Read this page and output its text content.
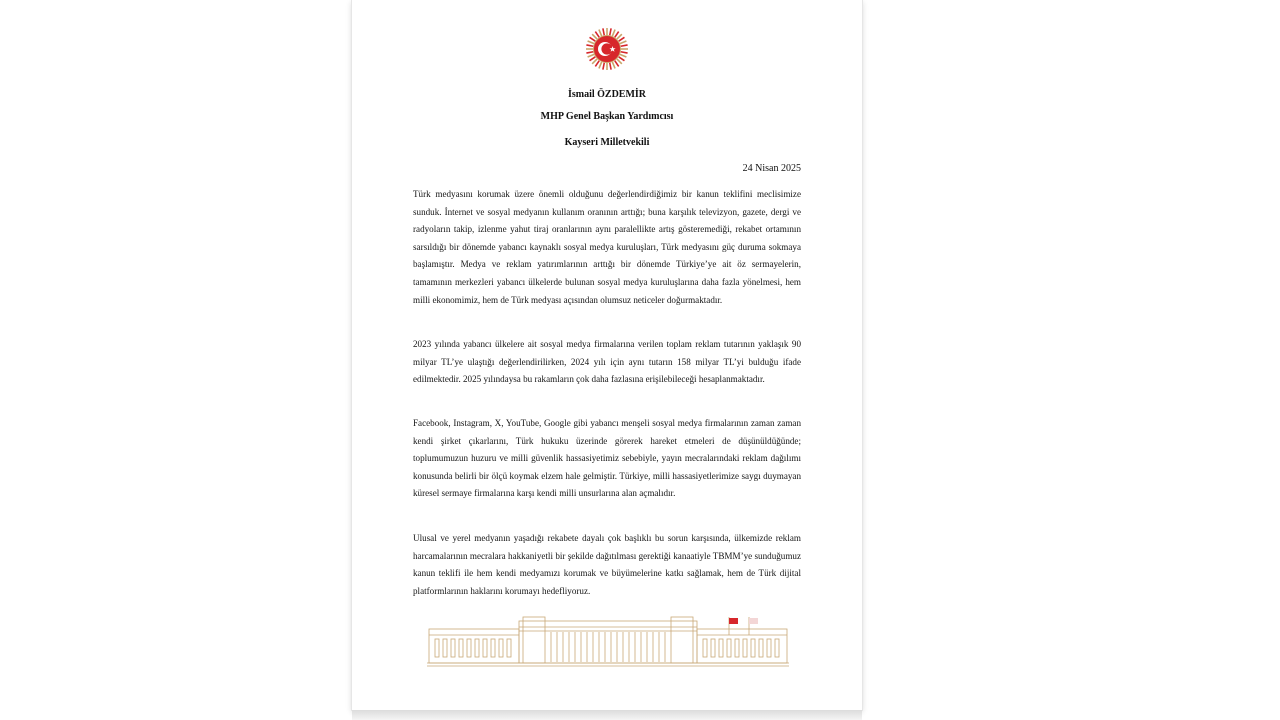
İsmail ÖZDEMİR
MHP Genel Başkan Yardımcısı
Kayseri Milletvekili
24 Nisan 2025

Türk medyasını korumak üzere önemli olduğunu değerlendirdiğimiz bir kanun teklifini meclisimize sunduk. İnternet ve sosyal medyanın kullanım oranının arttığı; buna karşılık televizyon, gazete, dergi ve radyoların takip, izlenme yahut tiraj oranlarının aynı paralellikte artış gösteremediği, rekabet ortamının sarsıldığı bir dönemde yabancı kaynaklı sosyal medya kuruluşları, Türk medyasını güç duruma sokmaya başlamıştır. Medya ve reklam yatırımlarının arttığı bir dönemde Türkiye’ye ait öz sermayelerin, tamamının merkezleri yabancı ülkelerde bulunan sosyal medya kuruluşlarına daha fazla yönelmesi, hem milli ekonomimiz, hem de Türk medyası açısından olumsuz neticeler doğurmaktadır.

2023 yılında yabancı ülkelere ait sosyal medya firmalarına verilen toplam reklam tutarının yaklaşık 90 milyar TL’ye ulaştığı değerlendirilirken, 2024 yılı için aynı tutarın 158 milyar TL’yi bulduğu ifade edilmektedir. 2025 yılındaysa bu rakamların çok daha fazlasına erişilebileceği hesaplanmaktadır.

Facebook, Instagram, X, YouTube, Google gibi yabancı menşeli sosyal medya firmalarının zaman zaman kendi şirket çıkarlarını, Türk hukuku üzerinde görerek hareket etmeleri de düşünüldüğünde; toplumumuzun huzuru ve milli güvenlik hassasiyetimiz sebebiyle, yayın mecralarındaki reklam dağılımı konusunda belirli bir ölçü koymak elzem hale gelmiştir. Türkiye, milli hassasiyetlerimize saygı duymayan küresel sermaye firmalarına karşı kendi milli unsurlarına alan açmalıdır.

Ulusal ve yerel medyanın yaşadığı rekabete dayalı çok başlıklı bu sorun karşısında, ülkemizde reklam harcamalarının mecralara hakkaniyetli bir şekilde dağıtılması gerektiği kanaatiyle TBMM’ye sunduğumuz kanun teklifi ile hem kendi medyamızı korumak ve büyümelerine katkı sağlamak, hem de Türk dijital platformlarının haklarını korumayı hedefliyoruz.
